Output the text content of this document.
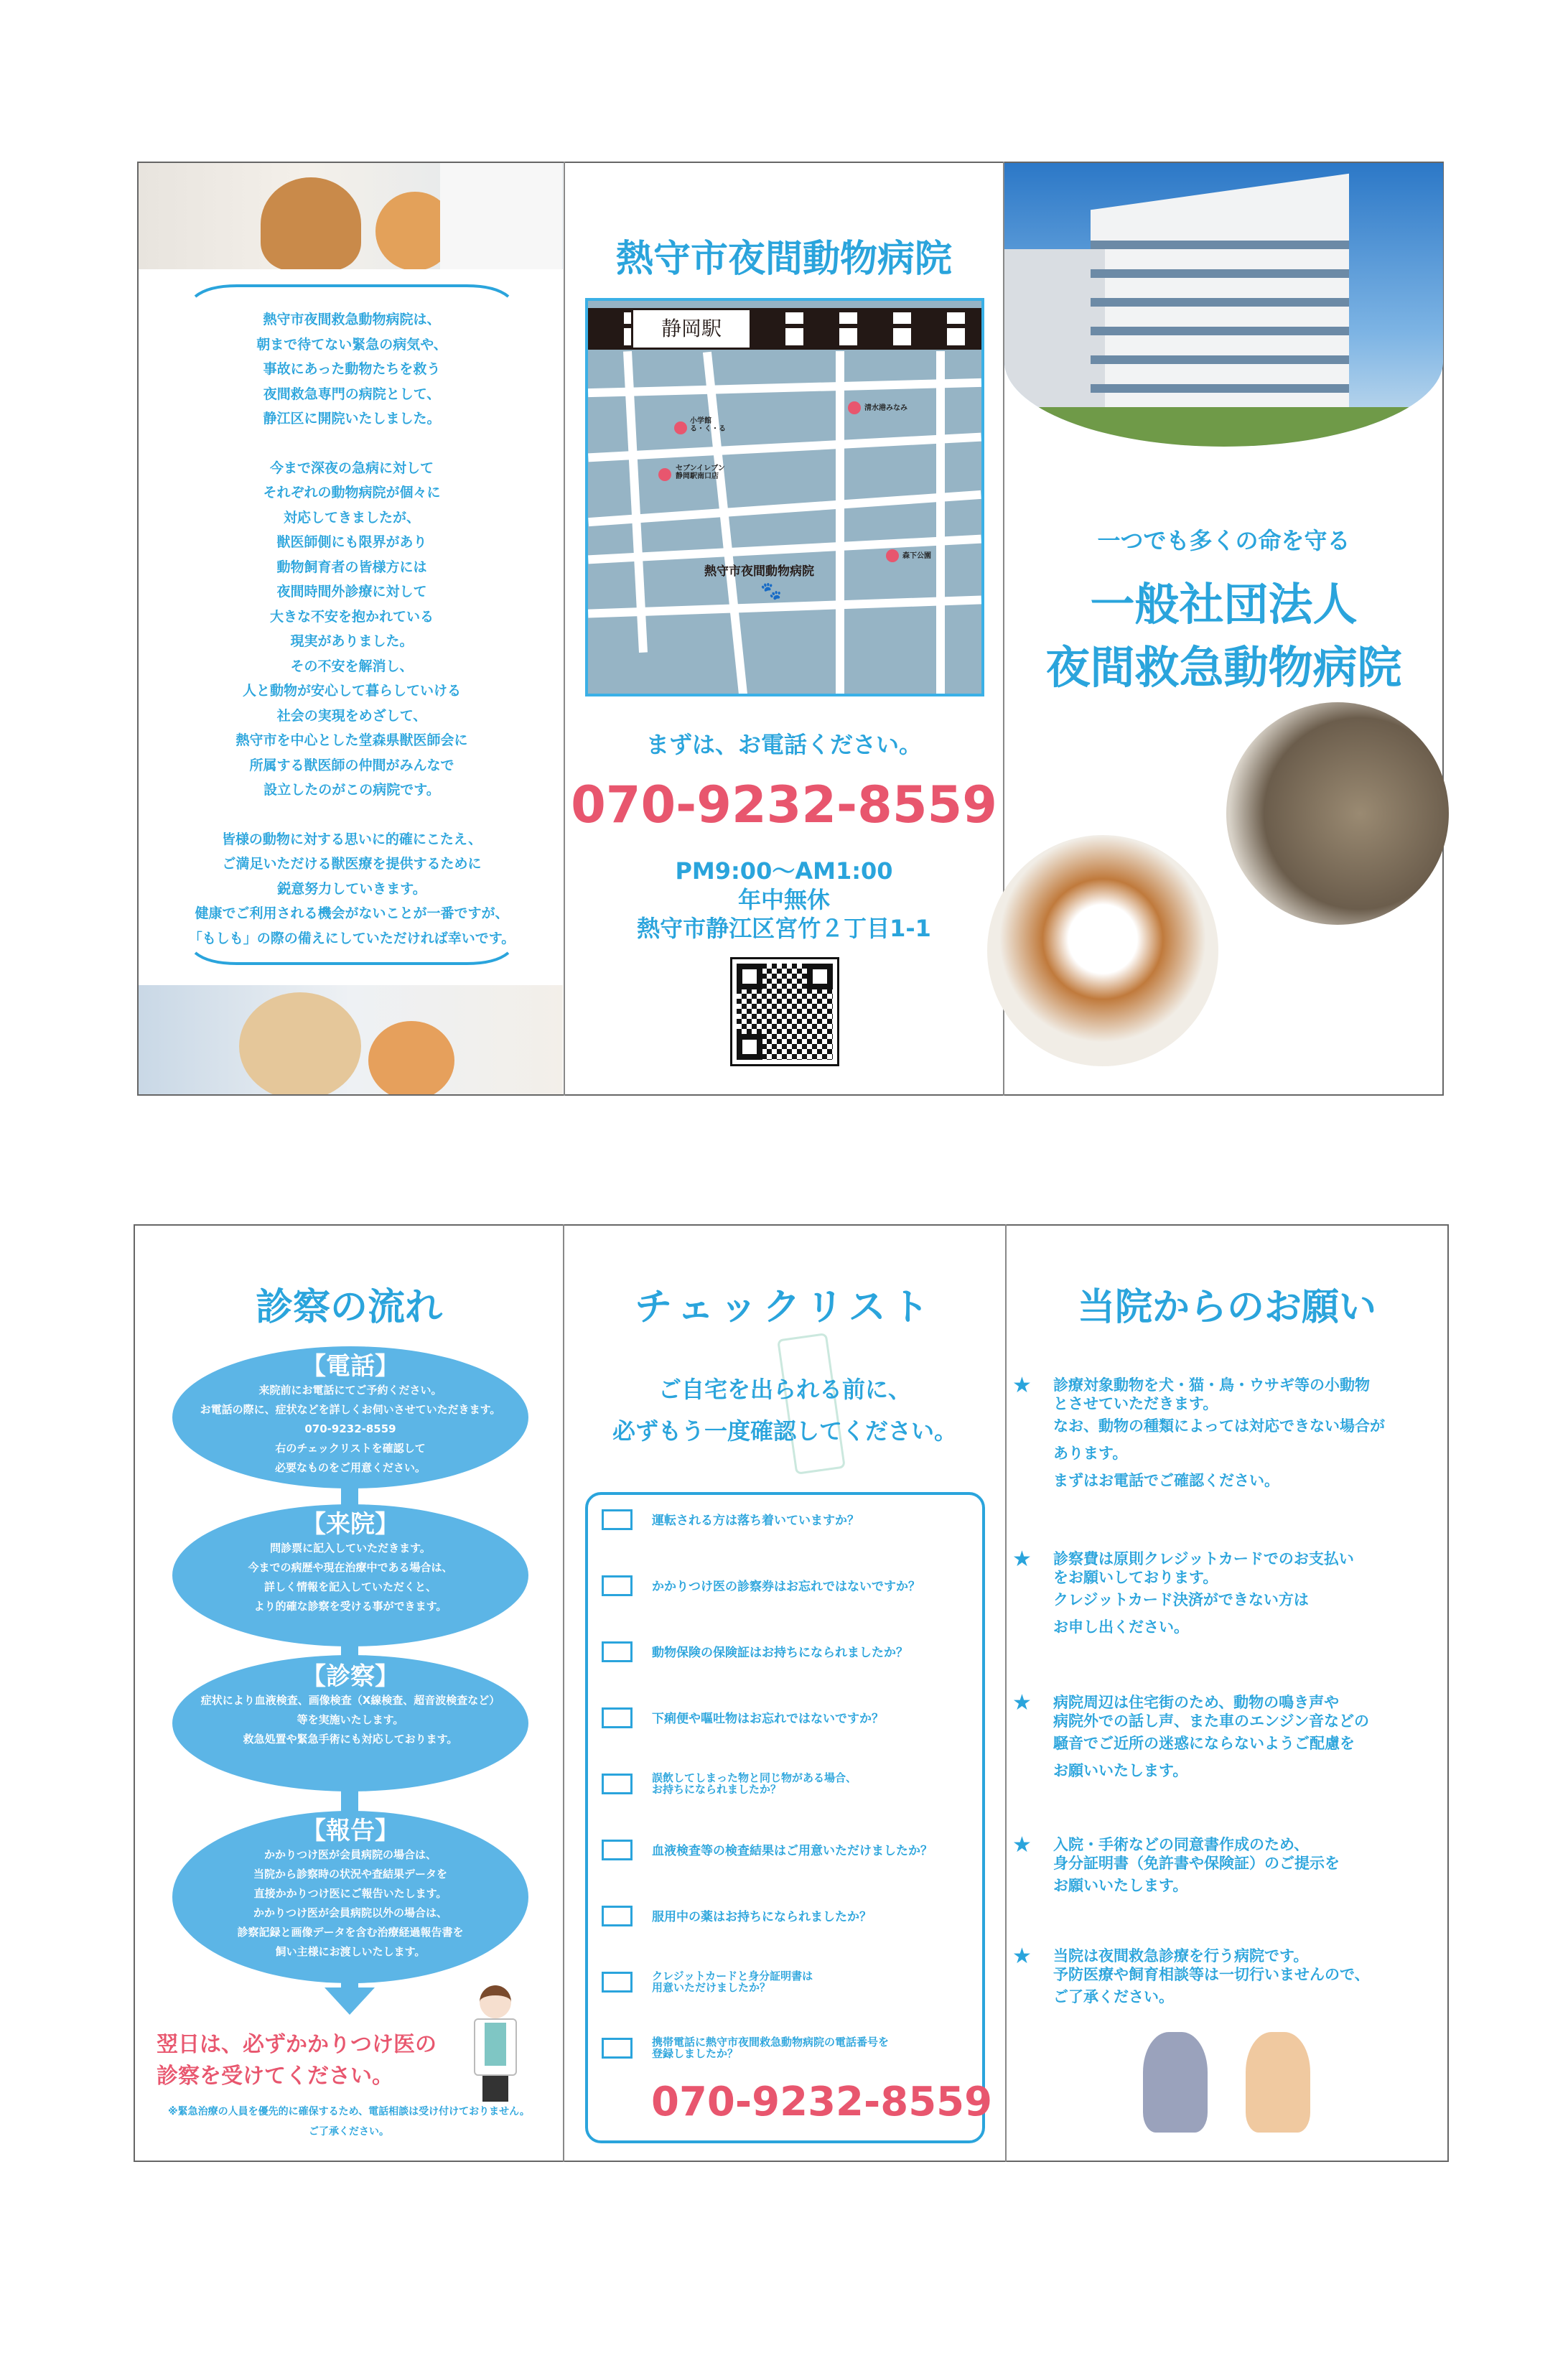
熱守市夜間救急動物病院は、

朝まで待てない緊急の病気や、

事故にあった動物たちを救う

夜間救急専門の病院として、

静江区に開院いたしました。

今まで深夜の急病に対して

それぞれの動物病院が個々に

対応してきましたが、

獣医師側にも限界があり

動物飼育者の皆様方には

夜間時間外診療に対して

大きな不安を抱かれている

現実がありました。

その不安を解消し、

人と動物が安心して暮らしていける

社会の実現をめざして、

熱守市を中心とした堂森県獣医師会に

所属する獣医師の仲間がみんなで

設立したのがこの病院です。

皆様の動物に対する思いに的確にこたえ、

ご満足いただける獣医療を提供するために

鋭意努力していきます。

健康でご利用される機会がないことが一番ですが、

「もしも」の際の備えにしていただければ幸いです。

熱守市夜間動物病院
静岡駅
小学館
る・く・る
清水港みなみ
セブンイレブン
静岡駅南口店
森下公園
熱守市夜間動物病院
🐾
まずは、お電話ください。
070-9232-8559
PM9:00〜AM1:00
年中無休
熱守市静江区宮竹２丁目1-1
一つでも多くの命を守る
一般社団法人
夜間救急動物病院
診察の流れ
【電話】

来院前にお電話にてご予約ください。

お電話の際に、症状などを詳しくお伺いさせていただきます。

070-9232-8559

右のチェックリストを確認して

必要なものをご用意ください。

【来院】

問診票に記入していただきます。

今までの病歴や現在治療中である場合は、

詳しく情報を記入していただくと、

より的確な診察を受ける事ができます。

【診察】

症状により血液検査、画像検査（X線検査、超音波検査など）

等を実施いたします。

救急処置や緊急手術にも対応しております。

【報告】

かかりつけ医が会員病院の場合は、

当院から診察時の状況や査結果データを

直接かかりつけ医にご報告いたします。

かかりつけ医が会員病院以外の場合は、

診察記録と画像データを含む治療経過報告書を

飼い主様にお渡しいたします。

翌日は、必ずかかりつけ医の
診察を受けてください。
※緊急治療の人員を優先的に確保するため、電話相談は受け付けておりません。
ご了承ください。
チェックリスト
ご自宅を出られる前に、
必ずもう一度確認してください。
運転される方は落ち着いていますか？
かかりつけ医の診察券はお忘れではないですか？
動物保険の保険証はお持ちになられましたか？
下痢便や嘔吐物はお忘れではないですか？
誤飲してしまった物と同じ物がある場合、
お持ちになられましたか？
血液検査等の検査結果はご用意いただけましたか？
服用中の薬はお持ちになられましたか？
クレジットカードと身分証明書は
用意いただけましたか？
携帯電話に熱守市夜間救急動物病院の電話番号を
登録しましたか？
070-9232-8559
当院からのお願い
★	診療対象動物を犬・猫・鳥・ウサギ等の小動物

とさせていただきます。

なお、動物の種類によっては対応できない場合が

あります。

まずはお電話でご確認ください。

★	診察費は原則クレジットカードでのお支払い

をお願いしております。

クレジットカード決済ができない方は

お申し出ください。

★	病院周辺は住宅街のため、動物の鳴き声や

病院外での話し声、また車のエンジン音などの

騒音でご近所の迷惑にならないようご配慮を

お願いいたします。

★	入院・手術などの同意書作成のため、

身分証明書（免許書や保険証）のご提示を

お願いいたします。

★	当院は夜間救急診療を行う病院です。

予防医療や飼育相談等は一切行いませんので、

ご了承ください。
